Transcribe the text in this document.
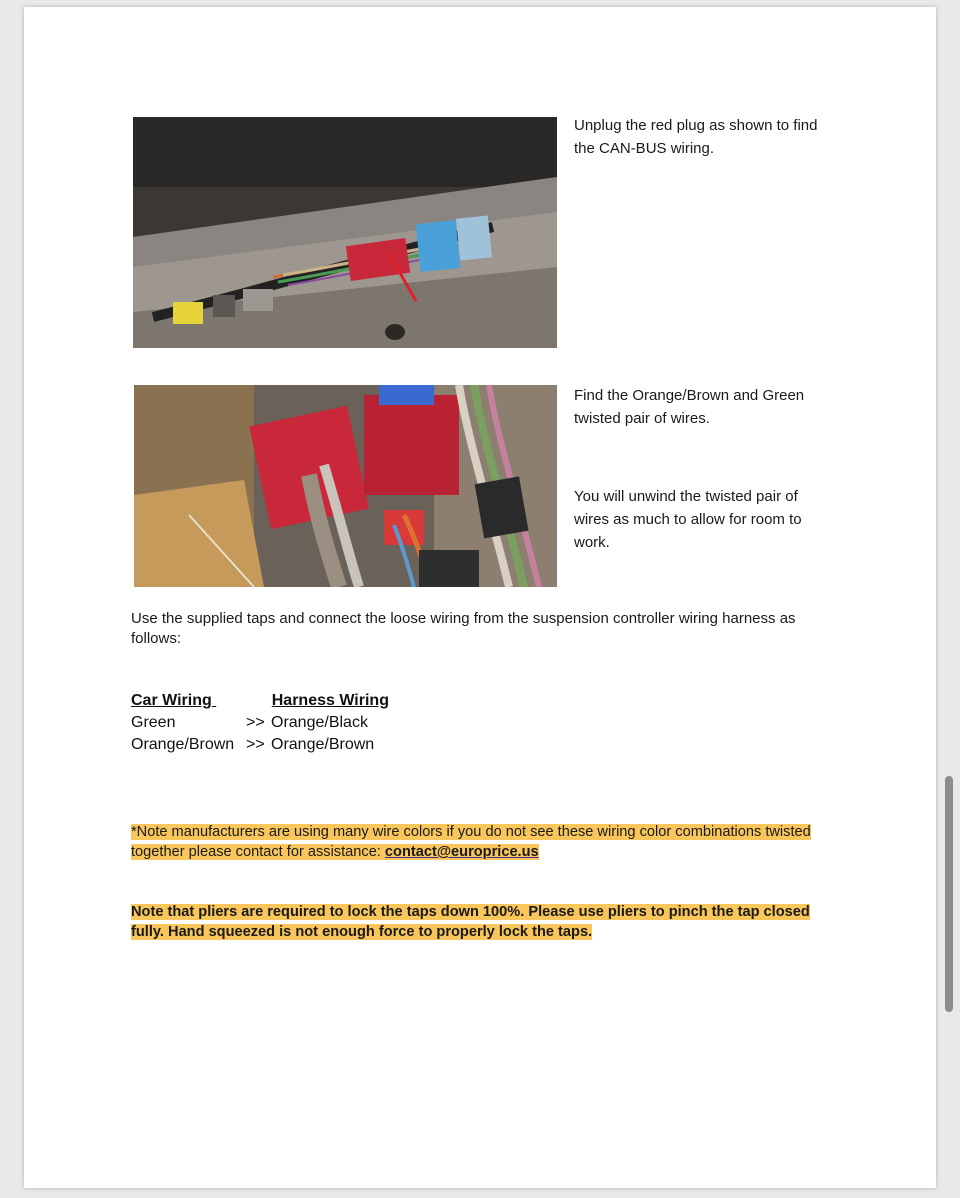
Unplug the red plug as shown to find the CAN-BUS wiring.
Find the Orange/Brown and Green twisted pair of wires.
You will unwind the twisted pair of wires as much to allow for room to work.
Use the supplied taps and connect the loose wiring from the suspension controller wiring harness as follows:
Car Wiring	Harness Wiring
Green	>> Orange/Black
Orange/Brown >> Orange/Brown
*Note manufacturers are using many wire colors if you do not see these wiring color combinations twisted together please contact for assistance: contact@europrice.us
Note that pliers are required to lock the taps down 100%. Please use pliers to pinch the tap closed fully. Hand squeezed is not enough force to properly lock the taps.
